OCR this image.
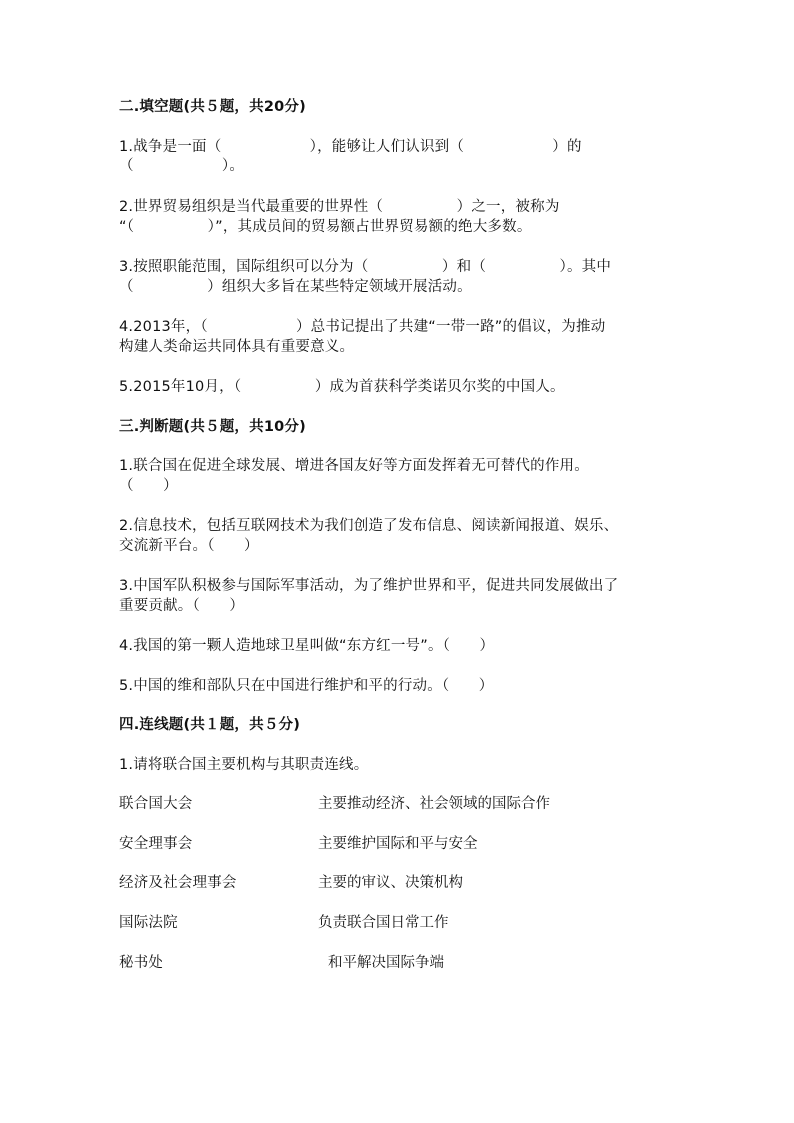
二.填空题(共５题，共20分)
1.战争是一面（　　　　　　），能够让人们认识到（　　　　　　）的
（　　　　　　）。
2.世界贸易组织是当代最重要的世界性（　　　　　）之一，被称为
“（　　　　　）”，其成员间的贸易额占世界贸易额的绝大多数。
3.按照职能范围，国际组织可以分为（　　　　　）和（　　　　　）。其中
（　　　　　）组织大多旨在某些特定领域开展活动。
4.2013年，（　　　　　　）总书记提出了共建“一带一路”的倡议，为推动
构建人类命运共同体具有重要意义。
5.2015年10月，（　　　　　）成为首获科学类诺贝尔奖的中国人。
三.判断题(共５题，共10分)
1.联合国在促进全球发展、增进各国友好等方面发挥着无可替代的作用。
（　　）
2.信息技术，包括互联网技术为我们创造了发布信息、阅读新闻报道、娱乐、
交流新平台。（　　）
3.中国军队积极参与国际军事活动，为了维护世界和平，促进共同发展做出了
重要贡献。（　　）
4.我国的第一颗人造地球卫星叫做“东方红一号”。（　　）
5.中国的维和部队只在中国进行维护和平的行动。（　　）
四.连线题(共１题，共５分)
1.请将联合国主要机构与其职责连线。
联合国大会	主要推动经济、社会领域的国际合作
安全理事会	主要维护国际和平与安全
经济及社会理事会	主要的审议、决策机构
国际法院	负责联合国日常工作
秘书处	和平解决国际争端
